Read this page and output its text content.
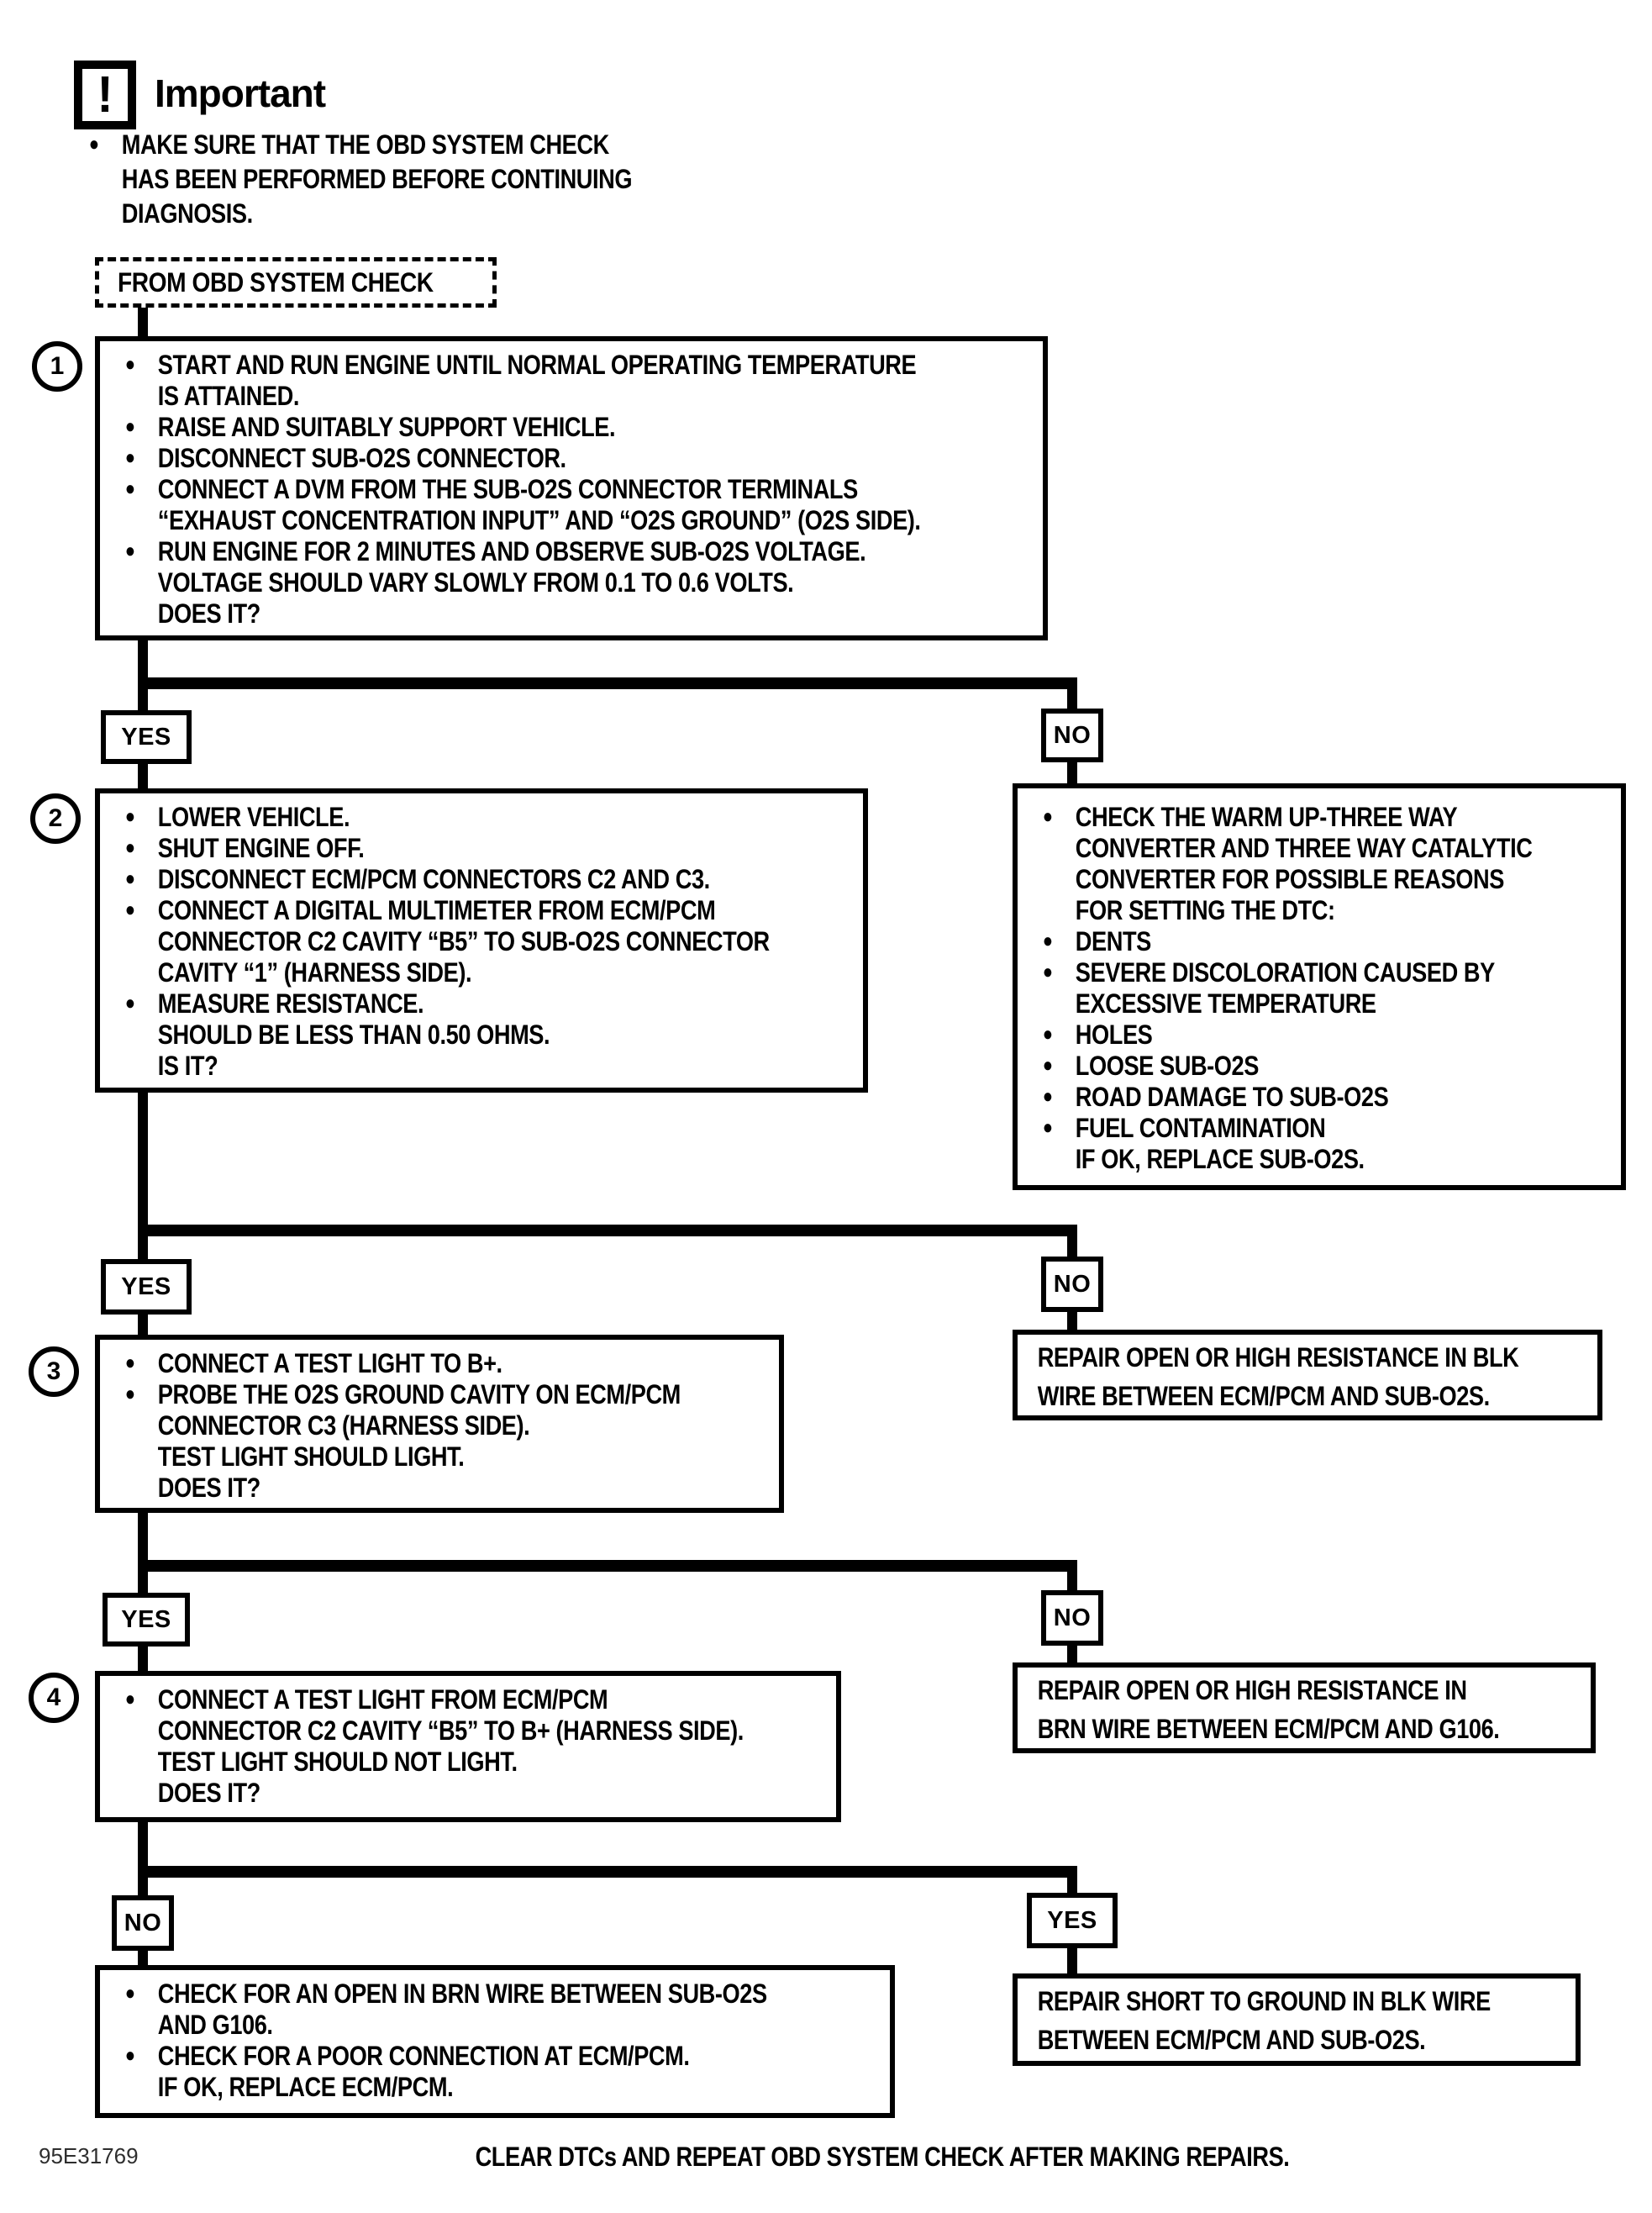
! Important
● MAKE SURE THAT THE OBD SYSTEM CHECK
HAS BEEN PERFORMED BEFORE CONTINUING
DIAGNOSIS.
FROM OBD SYSTEM CHECK
1	● START AND RUN ENGINE UNTIL NORMAL OPERATING TEMPERATURE
IS ATTAINED.
● RAISE AND SUITABLY SUPPORT VEHICLE.
● DISCONNECT SUB-O2S CONNECTOR.
● CONNECT A DVM FROM THE SUB-O2S CONNECTOR TERMINALS
“EXHAUST CONCENTRATION INPUT” AND “O2S GROUND” (O2S SIDE).
● RUN ENGINE FOR 2 MINUTES AND OBSERVE SUB-O2S VOLTAGE.
VOLTAGE SHOULD VARY SLOWLY FROM 0.1 TO 0.6 VOLTS.
DOES IT?
YES	NO
2	● LOWER VEHICLE.
● SHUT ENGINE OFF.
● DISCONNECT ECM/PCM CONNECTORS C2 AND C3.
● CONNECT A DIGITAL MULTIMETER FROM ECM/PCM
CONNECTOR C2 CAVITY “B5” TO SUB-O2S CONNECTOR
CAVITY “1” (HARNESS SIDE).
● MEASURE RESISTANCE.
SHOULD BE LESS THAN 0.50 OHMS.
IS IT?
● CHECK THE WARM UP-THREE WAY
CONVERTER AND THREE WAY CATALYTIC
CONVERTER FOR POSSIBLE REASONS
FOR SETTING THE DTC:
● DENTS
● SEVERE DISCOLORATION CAUSED BY
EXCESSIVE TEMPERATURE
● HOLES
● LOOSE SUB-O2S
● ROAD DAMAGE TO SUB-O2S
● FUEL CONTAMINATION
IF OK, REPLACE SUB-O2S.
YES	NO
3	● CONNECT A TEST LIGHT TO B+.
● PROBE THE O2S GROUND CAVITY ON ECM/PCM
CONNECTOR C3 (HARNESS SIDE).
TEST LIGHT SHOULD LIGHT.
DOES IT?
REPAIR OPEN OR HIGH RESISTANCE IN BLK
WIRE BETWEEN ECM/PCM AND SUB-O2S.
YES	NO
4	● CONNECT A TEST LIGHT FROM ECM/PCM
CONNECTOR C2 CAVITY “B5” TO B+ (HARNESS SIDE).
TEST LIGHT SHOULD NOT LIGHT.
DOES IT?
REPAIR OPEN OR HIGH RESISTANCE IN
BRN WIRE BETWEEN ECM/PCM AND G106.
NO	YES
● CHECK FOR AN OPEN IN BRN WIRE BETWEEN SUB-O2S
AND G106.
● CHECK FOR A POOR CONNECTION AT ECM/PCM.
IF OK, REPLACE ECM/PCM.
REPAIR SHORT TO GROUND IN BLK WIRE
BETWEEN ECM/PCM AND SUB-O2S.
95E31769	CLEAR DTCs AND REPEAT OBD SYSTEM CHECK AFTER MAKING REPAIRS.
